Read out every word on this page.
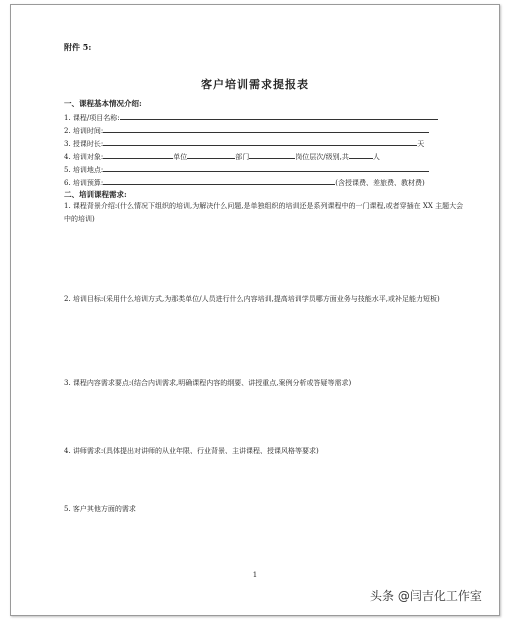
附件 5:
客户培训需求提报表
一、课程基本情况介绍:
1. 课程/项目名称:
2. 培训时间:
3. 授课时长:	天
4. 培训对象:	单位	部门	岗位层次/级别,共	人
5. 培训地点:
6. 培训预算:	(含授课费、差旅费、教材费)
二、培训课程需求:
1. 课程背景介绍:(什么情况下组织的培训,为解决什么问题,是单独组织的培训还是系列课程中的一门课程,或者穿插在 XX 主题大会中的培训)
2. 培训目标:(采用什么培训方式,为那类单位/人员进行什么内容培训,提高培训学员哪方面业务与技能水平,或补足能力短板)
3. 课程内容需求要点:(结合内训需求,明确课程内容的纲要、讲授重点,案例分析或答疑等需求)
4. 讲师需求:(具体提出对讲师的从业年限、行业背景、主讲课程、授课风格等要求)
5. 客户其他方面的需求
1
头条 @闫吉化工作室
